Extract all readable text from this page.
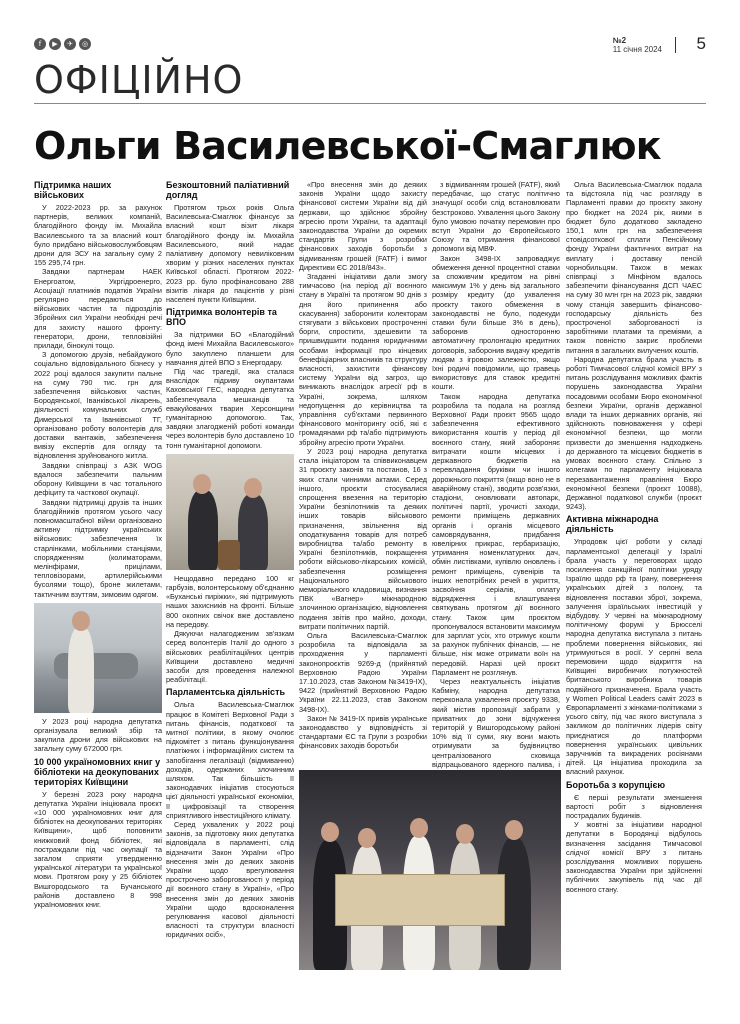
f	▶	✈	◎	№2
11 січня 2024 5
ОФІЦІЙНО
Ольги Василевської-Смаглюк
Підтримка наших військових

У 2022-2023 рр. за рахунок партнерів, великих компаній, благодійного фонду ім. Михайла Василевського та за власний кошт було придбано військовослужбовцям дрони для ЗСУ на загальну суму 2 155 295,74 грн.

Завдяки партнерам НАЕК Енергоатом, Укргідроенерго, Асоціації платників податків України регулярно передаються до військових частин та підрозділів Збройних сил України необхідні речі для захисту нашого фронту: генератори, дрони, тепловізійні прилади, бінокулі тощо.

З допомогою друзів, небайдужого соціально відповідального бізнесу у 2022 році вдалося закупити пальне на суму 790 тис. грн для забезпечення військових частин, Бородянської, Іванківської лікарень, діяльності комунальних служб Димерської та Іванківської ТГ, організовано роботу волонтерів для доставки вантажів, забезпечення вивізу експертів для огляду та відновлення зруйнованого житла.

Завдяки співпраці з АЗК WOG вдалося забезпечити пальним оборону Київщини в час тотального дефіциту та часткової окупації.

Завдяки підтримці друзів та інших благодійників протягом усього часу повномасштабної війни організовано активну підтримку українських військових: забезпечення їх старлінками, мобільними станціями, спорядженням (колиматорами, мелінфірами, прицілами, тепловізорами, артилерійськими бусолями тощо), броне жилетами, тактичним взуттям, зимовим одягом.

У 2023 році народна депутатка організувала великий збір та закупила дрони для військових на загальну суму 672000 грн.

10 000 україномовних книг у бібліотеки на деокупованих територіях Київщини

У березні 2023 року народна депутатка України ініціювала проєкт «10 000 україномовних книг для бібліотек на деокупованих територіях Київщини», щоб поповнити книжковий фонд бібліотек, які постраждали під час окупації та загалом сприяти утвердженню української літератури та української мови. Протягом року у 25 бібліотек Вишгородського та Бучанського районів доставлено 8 998 україномовних книг.

Безкоштовний паліативний догляд

Протягом трьох років Ольга Василевська-Смаглюк фінансує за власний кошт візит лікаря благодійного фонду ім. Михайла Василевського, який надає паліативну допомогу невиліковним хворим у різних населених пунктах Київської області. Протягом 2022-2023 рр. було профінансовано 288 візитів лікаря до пацієнтів у різні населені пункти Київщини.

Підтримка волонтерів та ВПО

За підтримки БО «Благодійний фонд імені Михайла Василевського» було закуплено планшети для навчання дітей ВПО з Енергодару.

Під час трагедії, яка сталася внаслідок підриву окупантами Каховської ГЕС, народна депутатка забезпечувала мешканців та евакуйованих тварин Херсонщини гуманітарною допомогою. Так, завдяки злагодженій роботі команди через волонтерів було доставлено 10 тонн гуманітарної допомоги.

Нещодавно передано 100 кг гарбузів, волонтерському об'єднанню «Буханські пиріжки», які підтримують наших захисників на фронті. Більше 800 окопних свічок вже доставлено на передову.

Дякуючи налагодженим зв'язкам серед волонтерів Італії до одного з військових реабілітаційних центрів Київщини доставлено медичні засоби для проведення належної реабілітації.

Парламентська діяльність

Ольга Василевська-Смаглюк працює в Комітеті Верховної Ради з питань фінансів, податкової та митної політики, в якому очолює підкомітет з питань функціонування платіжних і інформаційних систем та запобігання легалізації (відмиванню) доходів, одержаних злочинним шляхом. Так більшість її законодавчих ініціатив стосуються цієї діяльності української економіки, її цифровізації та створення сприятливого інвестиційного клімату.

Серед ухвалених у 2022 році законів, за підготовку яких депутатка відповідала в парламенті, слід відзначити Закон України «Про внесення змін до деяких законів України щодо врегулювання прострочено заборгованості у період дії воєнного стану в Україні», «Про внесення змін до деяких законів України щодо вдосконалення регулювання касової діяльності власності та структури власності юридичних осіб»,

«Про внесення змін до деяких законів України щодо захисту фінансової системи України від дій держави, що здійснює збройну агресію проти України, та адаптації законодавства України до окремих стандартів Групи з розробки фінансових заходів боротьби з відмиванням грошей (FATF) і вимог Директиви ЄС 2018/843».

Згаданні ініціативи дали змогу тимчасово (на період дії воєнного стану в Україні та протягом 90 днів з дня його припинення або скасування) заборонити колекторам стягувати з військових простроченні борги, спростити, здешевити та пришвидшити подання юридичними особами інформації про кінцевих бенефіціарних власників та структуру власності, захистити фінансову систему України від загроз, що виникають внаслідок агресії рф в Україні, зокрема, шляхом недопущення до керівництва та управління суб'єктами первинного фінансового моніторингу осіб, які є громадянами рф та/або підтримують збройну агресію проти України.

У 2023 році народна депутатка стала ініціатором та співвиконавцем 31 проєкту законів та постанов, 16 з яких стали чинними актами. Серед іншого, проєкти стосувалися спрощення ввезення на територію України безпілотників та деяких інших товарів військового призначення, звільнення від оподаткування товарів для потреб виробництва та/або ремонту в Україні безпілотників, покращення роботи військово-лікарських комісій, забезпечення розміщення Національного військового меморіального кладовища, визнання ПВК «Вагнер» міжнародною злочинною організацією, відновлення подання звітів про майно, доходи, витрати політичних партій.

Ольга Василевська-Смаглюк розробила та відповідала за проходження у парламенті законопроєктів 9269-д (прийнятий Верховною Радою України 17.10.2023, став Законом №3419-IX), 9422 (прийнятий Верховною Радою України 22.11.2023, став Законом 3498-IX).

Закон № 3419-IX привів українське законодавство у відповідність зі стандартами ЄС та Групи з розробки фінансових заходів боротьби

з відмиванням грошей (FATF), який передбачає, що статус політично значущої особи слід встановлювати безстроково. Ухвалення цього Закону було умовою початку перемовин про вступ України до Європейського Союзу та отримання фінансової допомоги від МВФ.

Закон 3498-IX запроваджує обмеження денної процентної ставки за споживчим кредитом на рівні максимум 1% у день від загального розміру кредиту (до ухвалення проєкту такого обмеження в законодавстві не було, подекуди ставки були більше 3% в день), заборонив односторонню автоматичну пролонгацію кредитних договорів, заборонив видачу кредитів людям з ігровою залежністю, якщо їхні родичі повідомили, що гравець використовує для ставок кредитні кошти.

Також народна депутатка розробила та подала на розгляд Верховної Ради проєкт 9565 щодо забезпечення ефективного використання коштів у період дії воєнного стану, який забороняє витрачати кошти місцевих і державного бюджетів на перевладання бруківки чи іншого дорожнього покриття (якщо воно не в аварійному стані), зводити розв'язки, стадіони, оновлювати автопарк, політичні партії, урочисті заходи, ремонти приміщень державних органів і органів місцевого самоврядування, придбання ювелірних прикрас, гербаризацію, утримання номенклатурних дач, обмін листівками, купівлю оновлень і ремонт приміщень, сувенірів та інших непотрібних речей в укриття, засвоїння серіалів, оплату відрядження і влаштування святкувань протягом дії воєнного стану. Також цим проєктом пропонувалося встановити максимум для зарплат усіх, хто отримує кошти за рахунок публічних фінансів, — не більше, ніж може отримати воїн на передовій. Наразі цей проєкт Парламент не розглянув.

Через неактуальність ініціатив Кабміну, народна депутатка переконала ухвалення проєкту 9338, який містив пропозиції забрати у приватних до зони відчуження територій у Вишгородському районі 10% від її суми, яку вони мають отримувати за будівництво централізованого сховища відпрацьованого ядерного палива, і

Ольга Василевська-Смаглюк подала та відстояла під час розгляду в Парламенті правки до проєкту закону про бюджет на 2024 рік, якими в бюджет було додатково закладено 150,1 млн грн на забезпечення стовідсоткової сплати Пенсійному фонду України фактичних витрат на виплату і доставку пенсій чорнобильцям. Також в межах співпраці з Мінфіном вдалось забезпечити фінансування ДСП ЧАЕС на суму 30 млн грн на 2023 рік, завдяки чому станція завершить фінансово-господарську діяльність без простроченої заборгованості із заробітними платами та премiями, а також повністю закриє проблеми питання в загальних вилучених коштів.

Народна депутатка брала участь в роботі Тимчасової слідчої комісії ВРУ з питань розслідування можливих фактів порушень законодавства України посадовими особами Бюро економічної безпеки України, органів державної влади та інших державних органів, які здійснюють повноваження у сфері економічної безпеки, що могли призвести до зменшення надходжень до державного та місцевих бюджетів в умовах воєнного стану. Спільно з колегами по парламенту ініціювала перезавантаження правлiння Бюро економічної безпеки (проєкт 10088), Державної податкової служби (проєкт 9243).

Активна міжнародна діяльність

Упродовж цієї роботи у складі парламентської делегації у Ізраїлі брала участь у переговорах щодо посилення санкційної політики уряду Ізраїлю щодо рф та Ірану, повернення українських дітей з полону, та відновлення поставки зброї, зокрема, залучення ізраїльських інвестицій у відбудову. У червні на міжнародному політичному форумі у Брюсселі народна депутатка виступала з питань проблеми повернення військових, які утримуються в росії. У серпні вела перемовини щодо відкриття на Київщині виробничих потужностей британського виробника товарів подвійного призначення. Брала участь у Women Political Leaders саміт 2023 в Європарламенті з жінками-політиками з усього світу, під час якого виступала з закликом до політичних лідерів світу приєднатися до платформи повернення українських цивільних заручників та викрадених росіянами дітей. Ця ініціатива проходила за власний рахунок.

Боротьба з корупцією

Є перші результати зменшення вартості робіт з відновлення пострадалих будинків.

У жовтні за ініціативи народної депутатки в Бородянці відбулось визначення засідання Тимчасової слідчої комісії ВРУ з питань розслідування можливих порушень законодавства України при здійсненні публічних закупівель під час дії воєнного стану.
